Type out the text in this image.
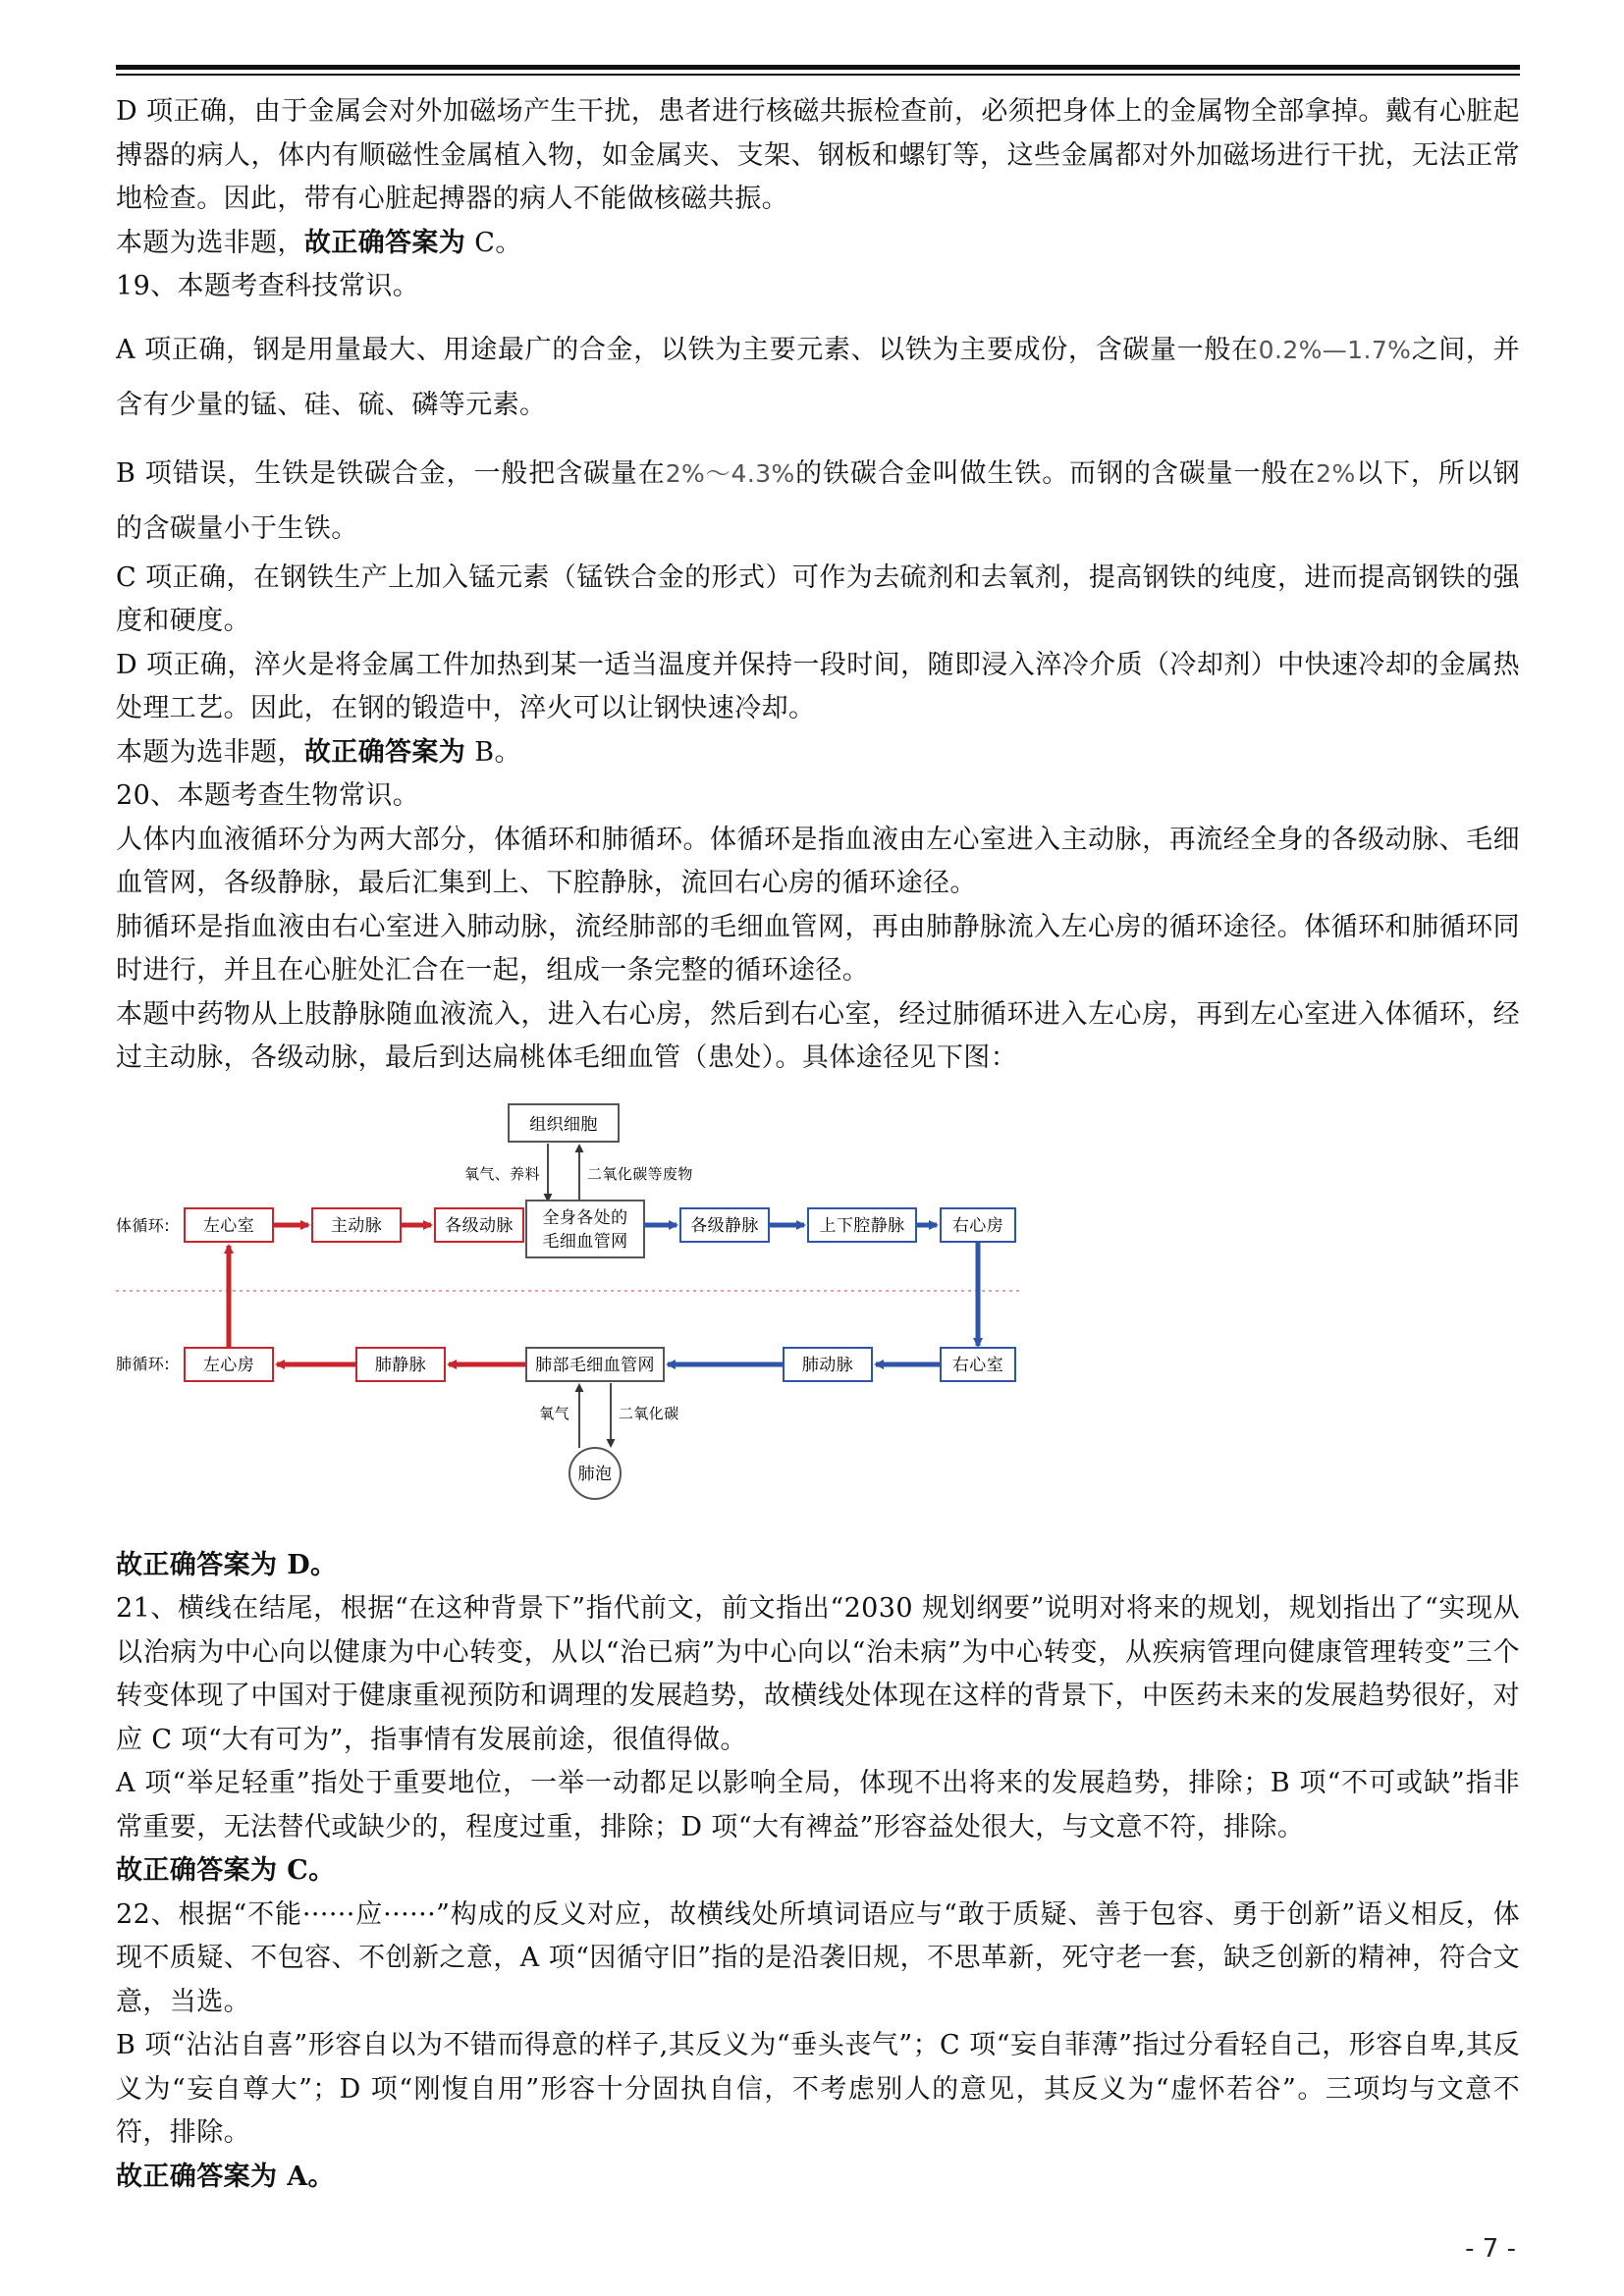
D 项正确，由于金属会对外加磁场产生干扰，患者进行核磁共振检查前，必须把身体上的金属物全部拿掉。戴有心脏起搏器的病人，体内有顺磁性金属植入物，如金属夹、支架、钢板和螺钉等，这些金属都对外加磁场进行干扰，无法正常地检查。因此，带有心脏起搏器的病人不能做核磁共振。

本题为选非题，故正确答案为 C。

19、本题考查科技常识。

A 项正确，钢是用量最大、用途最广的合金，以铁为主要元素、以铁为主要成份，含碳量一般在0.2%—1.7%之间，并含有少量的锰、硅、硫、磷等元素。

B 项错误，生铁是铁碳合金，一般把含碳量在2%～4.3%的铁碳合金叫做生铁。而钢的含碳量一般在2%以下，所以钢的含碳量小于生铁。

C 项正确，在钢铁生产上加入锰元素（锰铁合金的形式）可作为去硫剂和去氧剂，提高钢铁的纯度，进而提高钢铁的强度和硬度。

D 项正确，淬火是将金属工件加热到某一适当温度并保持一段时间，随即浸入淬冷介质（冷却剂）中快速冷却的金属热处理工艺。因此，在钢的锻造中，淬火可以让钢快速冷却。

本题为选非题，故正确答案为 B。

20、本题考查生物常识。

人体内血液循环分为两大部分，体循环和肺循环。体循环是指血液由左心室进入主动脉，再流经全身的各级动脉、毛细血管网，各级静脉，最后汇集到上、下腔静脉，流回右心房的循环途径。

肺循环是指血液由右心室进入肺动脉，流经肺部的毛细血管网，再由肺静脉流入左心房的循环途径。体循环和肺循环同时进行，并且在心脏处汇合在一起，组成一条完整的循环途径。

本题中药物从上肢静脉随血液流入，进入右心房，然后到右心室，经过肺循环进入左心房，再到左心室进入体循环，经过主动脉，各级动脉，最后到达扁桃体毛细血管（患处）。具体途径见下图：

组织细胞
氧气、养料	二氧化碳等废物
体循环:
肺循环:
左心室	主动脉	各级动脉 全身各处的
毛细血管网
各级静脉	上下腔静脉	右心房
左心房	肺静脉	肺部毛细血管网	肺动脉	右心室
氧气	二氧化碳
肺泡

故正确答案为 D。

21、横线在结尾，根据“在这种背景下”指代前文，前文指出“2030 规划纲要”说明对将来的规划，规划指出了“实现从以治病为中心向以健康为中心转变，从以“治已病”为中心向以“治未病”为中心转变，从疾病管理向健康管理转变”三个转变体现了中国对于健康重视预防和调理的发展趋势，故横线处体现在这样的背景下，中医药未来的发展趋势很好，对应 C 项“大有可为”，指事情有发展前途，很值得做。

A 项“举足轻重”指处于重要地位，一举一动都足以影响全局，体现不出将来的发展趋势，排除；B 项“不可或缺”指非常重要，无法替代或缺少的，程度过重，排除；D 项“大有裨益”形容益处很大，与文意不符，排除。

故正确答案为 C。

22、根据“不能······应······”构成的反义对应，故横线处所填词语应与“敢于质疑、善于包容、勇于创新”语义相反，体现不质疑、不包容、不创新之意，A 项“因循守旧”指的是沿袭旧规，不思革新，死守老一套，缺乏创新的精神，符合文意，当选。

B 项“沾沾自喜”形容自以为不错而得意的样子,其反义为“垂头丧气”；C 项“妄自菲薄”指过分看轻自己，形容自卑,其反义为“妄自尊大”；D 项“刚愎自用”形容十分固执自信，不考虑别人的意见，其反义为“虚怀若谷”。三项均与文意不符，排除。

故正确答案为 A。

- 7 -
